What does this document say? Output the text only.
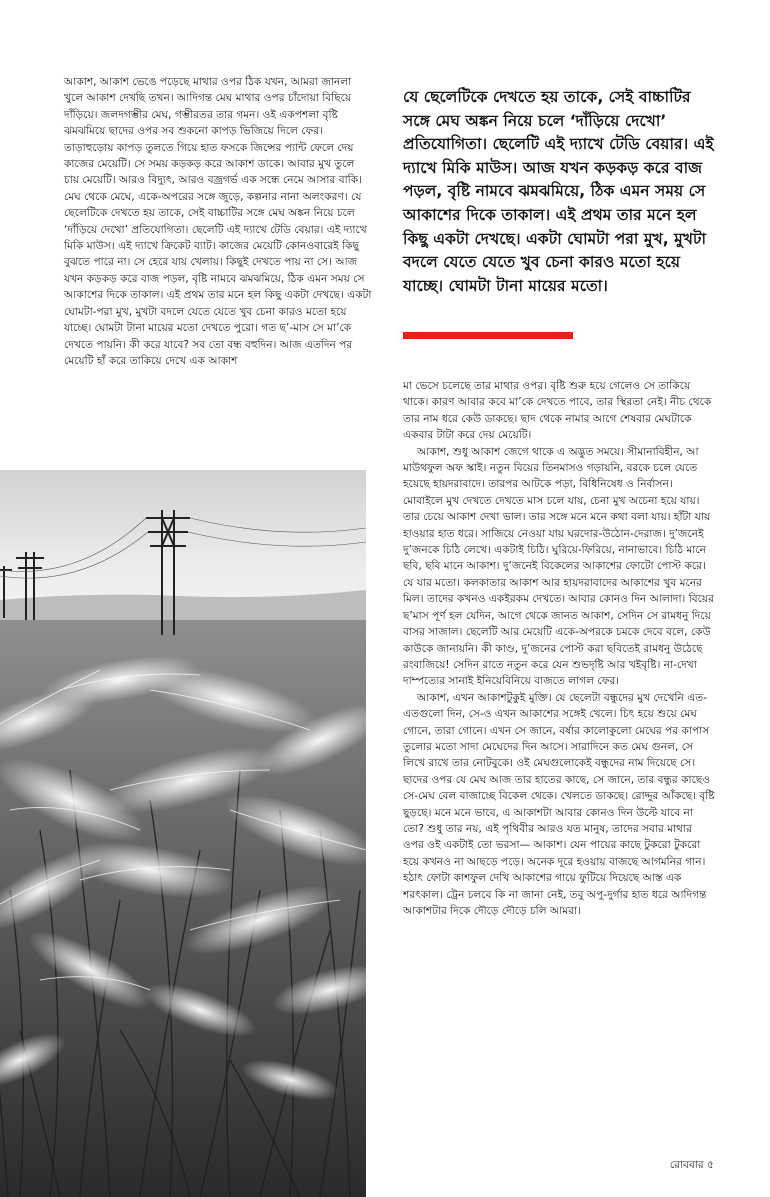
আকাশ, আকাশ ভেঙে পড়েছে মাথার ওপর ঠিক যখন, আমরা জানলা খুলে আকাশ দেখছি তখন। আদিগন্ত মেঘ মাথার ওপর চাঁদোয়া বিছিয়ে দাঁড়িয়ে। জলদগম্ভীর মেঘ, গম্ভীরতর তার গমন। ওই একপশলা বৃষ্টি ঝমঝমিয়ে ছাদের ওপর সব শুকনো কাপড় ভিজিয়ে দিলে ফের। তাড়াহুড়োয় কাপড় তুলতে গিয়ে হাত ফসকে জিন্সের প্যান্ট ফেলে দেয় কাজের মেয়েটি। সে সময় কড়কড় করে আকাশ ডাকে। আবার মুখ তুলে চায় মেয়েটি। আরও বিদ্যুৎ, আরও বজ্রগর্ভ এক সন্ধে নেমে আসার বাকি। মেঘ থেকে মেঘে, একে-অপরের সঙ্গে জুড়ে, কল্পনার নানা অলংকরণ। যে ছেলেটিকে দেখতে হয় তাকে, সেই বাচ্চাটির সঙ্গে মেঘ অঙ্কন নিয়ে চলে ‘দাঁড়িয়ে দেখো’ প্রতিযোগিতা। ছেলেটি এই দ্যাখে টেডি বেয়ার। এই দ্যাখে মিকি মাউস। এই দ্যাখে ক্রিকেট ব্যাট। কাজের মেয়েটি কোনওবারেই কিছু বুঝতে পারে না। সে হেরে যায় খেলায়। কিছুই দেখতে পায় না সে। আজ যখন কড়কড় করে বাজ পড়ল, বৃষ্টি নামবে ঝমঝমিয়ে, ঠিক এমন সময় সে আকাশের দিকে তাকাল। এই প্রথম তার মনে হল কিছু একটা দেখছে। একটা ঘোমটা-পরা মুখ, মুখটা বদলে যেতে যেতে খুব চেনা কারও মতো হয়ে যাচ্ছে। ঘোমটা টানা মায়ের মতো দেখতে পুরো। গত ছ’-মাস সে মা’কে দেখতে পায়নি। কী করে যাবে? সব তো বন্ধ বহুদিন। আজ এতদিন পর মেয়েটি হাঁ করে তাকিয়ে দেখে এক আকাশ

যে ছেলেটিকে দেখতে হয় তাকে, সেই বাচ্চাটির সঙ্গে মেঘ অঙ্কন নিয়ে চলে ‘দাঁড়িয়ে দেখো’ প্রতিযোগিতা। ছেলেটি এই দ্যাখে টেডি বেয়ার। এই দ্যাখে মিকি মাউস। আজ যখন কড়কড় করে বাজ পড়ল, বৃষ্টি নামবে ঝমঝমিয়ে, ঠিক এমন সময় সে আকাশের দিকে তাকাল। এই প্রথম তার মনে হল কিছু একটা দেখছে। একটা ঘোমটা পরা মুখ, মুখটা বদলে যেতে যেতে খুব চেনা কারও মতো হয়ে যাচ্ছে। ঘোমটা টানা মায়ের মতো।

মা ভেসে চলেছে তার মাথার ওপর। বৃষ্টি শুরু হয়ে গেলেও সে তাকিয়ে থাকে। কারণ আবার কবে মা’কে দেখতে পাবে, তার স্থিরতা নেই। নীচ থেকে তার নাম ধরে কেউ ডাকছে। ছাদ থেকে নামার আগে শেষবার মেঘটাকে একবার টাটা করে দেয় মেয়েটি।

আকাশ, শুধু আকাশ জেগে থাকে এ অদ্ভুত সময়ে। সীমানাবিহীন, আ মাউথফুল অফ স্কাই। নতুন বিয়ের তিনমাসও গড়ায়নি, বরকে চলে যেতে হয়েছে হায়দরাবাদে। তারপর আটকে পড়া, বিধিনিষেধ ও নির্বাসন। মোবাইলে মুখ দেখতে দেখতে মাস চলে যায়, চেনা মুখ অচেনা হয়ে যায়। তার চেয়ে আকাশ দেখা ভাল। তার সঙ্গে মনে মনে কথা বলা যায়। হাঁটা যায় হাওয়ার হাত ধরে। সাজিয়ে নেওয়া যায় ঘরদোর-উঠোন-দেরাজ। দু’জনেই দু’জনকে চিঠি লেখে। একটাই চিঠি। ঘুরিয়ে-ফিরিয়ে, নানাভাবে। চিঠি মানে ছবি, ছবি মানে আকাশ। দু’জনেই বিকেলের আকাশের ফোটো পোস্ট করে। যে যার মতো। কলকাতার আকাশ আর হায়দরাবাদের আকাশের খুব মনের মিল। তাদের কখনও একইরকম দেখতে। আবার কোনও দিন আলাদা। বিয়ের ছ’মাস পূর্ণ হল যেদিন, আগে থেকে জানত আকাশ, সেদিন সে রামধনু দিয়ে বাসর সাজাল। ছেলেটি আর মেয়েটি একে-অপরকে চমকে দেবে বলে, কেউ কাউকে জানায়নি। কী কাণ্ড, দু’জনের পোস্ট করা ছবিতেই রামধনু উঠেছে রংবাজিয়ে! সেদিন রাতে নতুন করে যেন শুভদৃষ্টি আর খইবৃষ্টি। না-দেখা দাম্পত্যের সানাই ইনিয়েবিনিয়ে বাজতে লাগল ফের।

আকাশ, এখন আকাশটুকুই মুক্তি। যে ছেলেটা বন্ধুদের মুখ দেখেনি এত-এতগুলো দিন, সে-ও এখন আকাশের সঙ্গেই খেলে। চিৎ হয়ে শুয়ে মেঘ গোনে, তারা গোনে। এখন সে জানে, বর্ষার কালোকুলো মেঘের পর কাপাস তুলোর মতো সাদা মেঘেদের দিন আসে। সারাদিনে কত মেঘ গুনল, সে লিখে রাখে তার নোটবুকে। ওই মেঘগুলোকেই বন্ধুদের নাম দিয়েছে সে। ছাদের ওপর যে মেঘ আজ তার হাতের কাছে, সে জানে, তার বন্ধুর কাছেও সে-মেঘ বেল বাজাচ্ছে বিকেল থেকে। খেলতে ডাকছে। রোদ্দুর আঁকছে। বৃষ্টি ছুড়ছে। মনে মনে ভাবে, এ আকাশটা আবার কোনও দিন উল্টে যাবে না তো? শুধু তার নয়, এই পৃথিবীর আরও যত মানুষ, তাদের সবার মাথার ওপর ওই একটাই তো ভরসা— আকাশ। যেন পায়ের কাছে টুকরো টুকরো হয়ে কখনও না আছড়ে পড়ে। অনেক দূরে হওয়ায় বাজছে আগমনির গান। হঠাৎ ফোটা কাশফুল দেখি আকাশের গায়ে ফুটিয়ে দিয়েছে আস্ত এক শরৎকাল। ট্রেন চলবে কি না জানা নেই, তবু অপু-দুর্গার হাত ধরে আদিগন্ত আকাশটার দিকে দৌড়ে দৌড়ে চলি আমরা।

রোববার ৫
